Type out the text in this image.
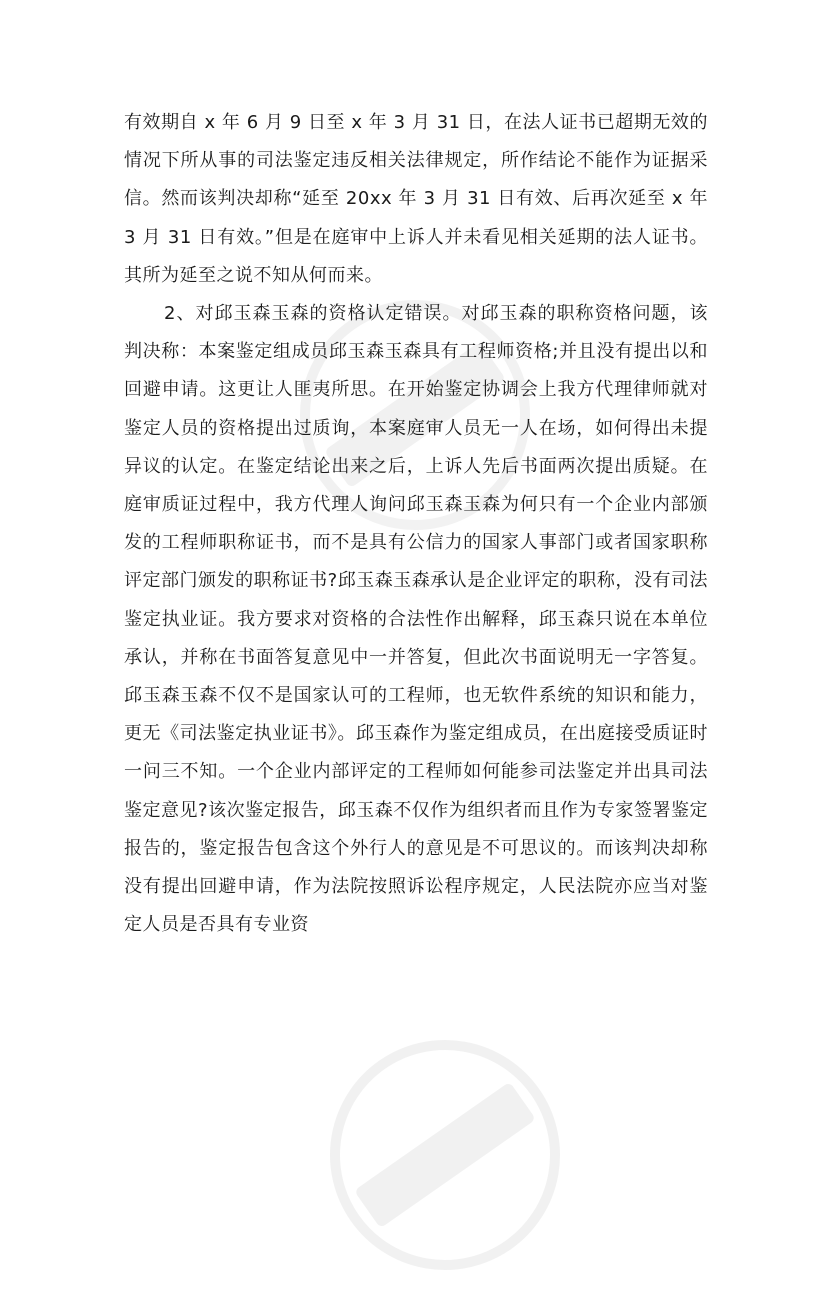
有效期自 x 年 6 月 9 日至 x 年 3 月 31 日，在法人证书已超期无效的情况下所从事的司法鉴定违反相关法律规定，所作结论不能作为证据采信。然而该判决却称“延至 20xx 年 3 月 31 日有效、后再次延至 x 年 3 月 31 日有效。”但是在庭审中上诉人并未看见相关延期的法人证书。其所为延至之说不知从何而来。

2、对邱玉森玉森的资格认定错误。对邱玉森的职称资格问题，该判决称：本案鉴定组成员邱玉森玉森具有工程师资格;并且没有提出以和回避申请。这更让人匪夷所思。在开始鉴定协调会上我方代理律师就对鉴定人员的资格提出过质询，本案庭审人员无一人在场，如何得出未提异议的认定。在鉴定结论出来之后，上诉人先后书面两次提出质疑。在庭审质证过程中，我方代理人询问邱玉森玉森为何只有一个企业内部颁发的工程师职称证书，而不是具有公信力的国家人事部门或者国家职称评定部门颁发的职称证书?邱玉森玉森承认是企业评定的职称，没有司法鉴定执业证。我方要求对资格的合法性作出解释，邱玉森只说在本单位承认，并称在书面答复意见中一并答复，但此次书面说明无一字答复。邱玉森玉森不仅不是国家认可的工程师，也无软件系统的知识和能力，更无《司法鉴定执业证书》。邱玉森作为鉴定组成员，在出庭接受质证时一问三不知。一个企业内部评定的工程师如何能参司法鉴定并出具司法鉴定意见?该次鉴定报告，邱玉森不仅作为组织者而且作为专家签署鉴定报告的，鉴定报告包含这个外行人的意见是不可思议的。而该判决却称没有提出回避申请，作为法院按照诉讼程序规定，人民法院亦应当对鉴定人员是否具有专业资
